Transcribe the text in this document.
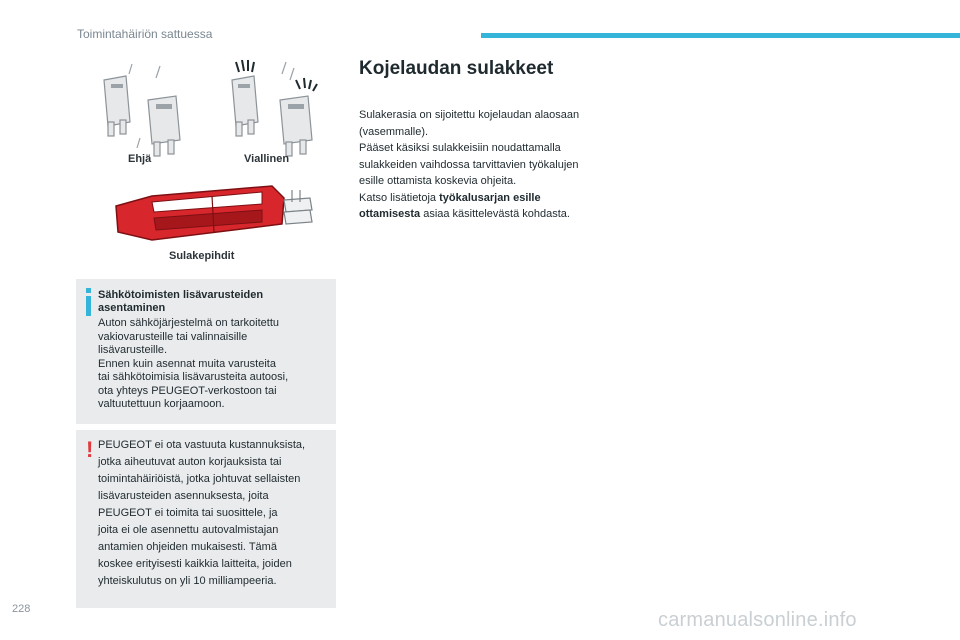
Toimintahäiriön sattuessa
Ehjä	Viallinen
Sulakepihdit
Sähkötoimisten lisävarusteiden asentaminen
Auton sähköjärjestelmä on tarkoitettu
vakiovarusteille tai valinnaisille
lisävarusteille.
Ennen kuin asennat muita varusteita
tai sähkötoimisia lisävarusteita autoosi,
ota yhteys PEUGEOT-verkostoon tai
valtuutettuun korjaamoon.
! PEUGEOT ei ota vastuuta kustannuksista,
jotka aiheutuvat auton korjauksista tai
toimintahäiriöistä, jotka johtuvat sellaisten
lisävarusteiden asennuksesta, joita
PEUGEOT ei toimita tai suosittele, ja
joita ei ole asennettu autovalmistajan
antamien ohjeiden mukaisesti. Tämä
koskee erityisesti kaikkia laitteita, joiden
yhteiskulutus on yli 10 milliampeeria.
Kojelaudan sulakkeet
Sulakerasia on sijoitettu kojelaudan alaosaan
(vasemmalle).
Pääset käsiksi sulakkeisiin noudattamalla
sulakkeiden vaihdossa tarvittavien työkalujen
esille ottamista koskevia ohjeita.
Katso lisätietoja työkalusarjan esille
ottamisesta asiaa käsittelevästä kohdasta.
228	carmanualsonline.info
